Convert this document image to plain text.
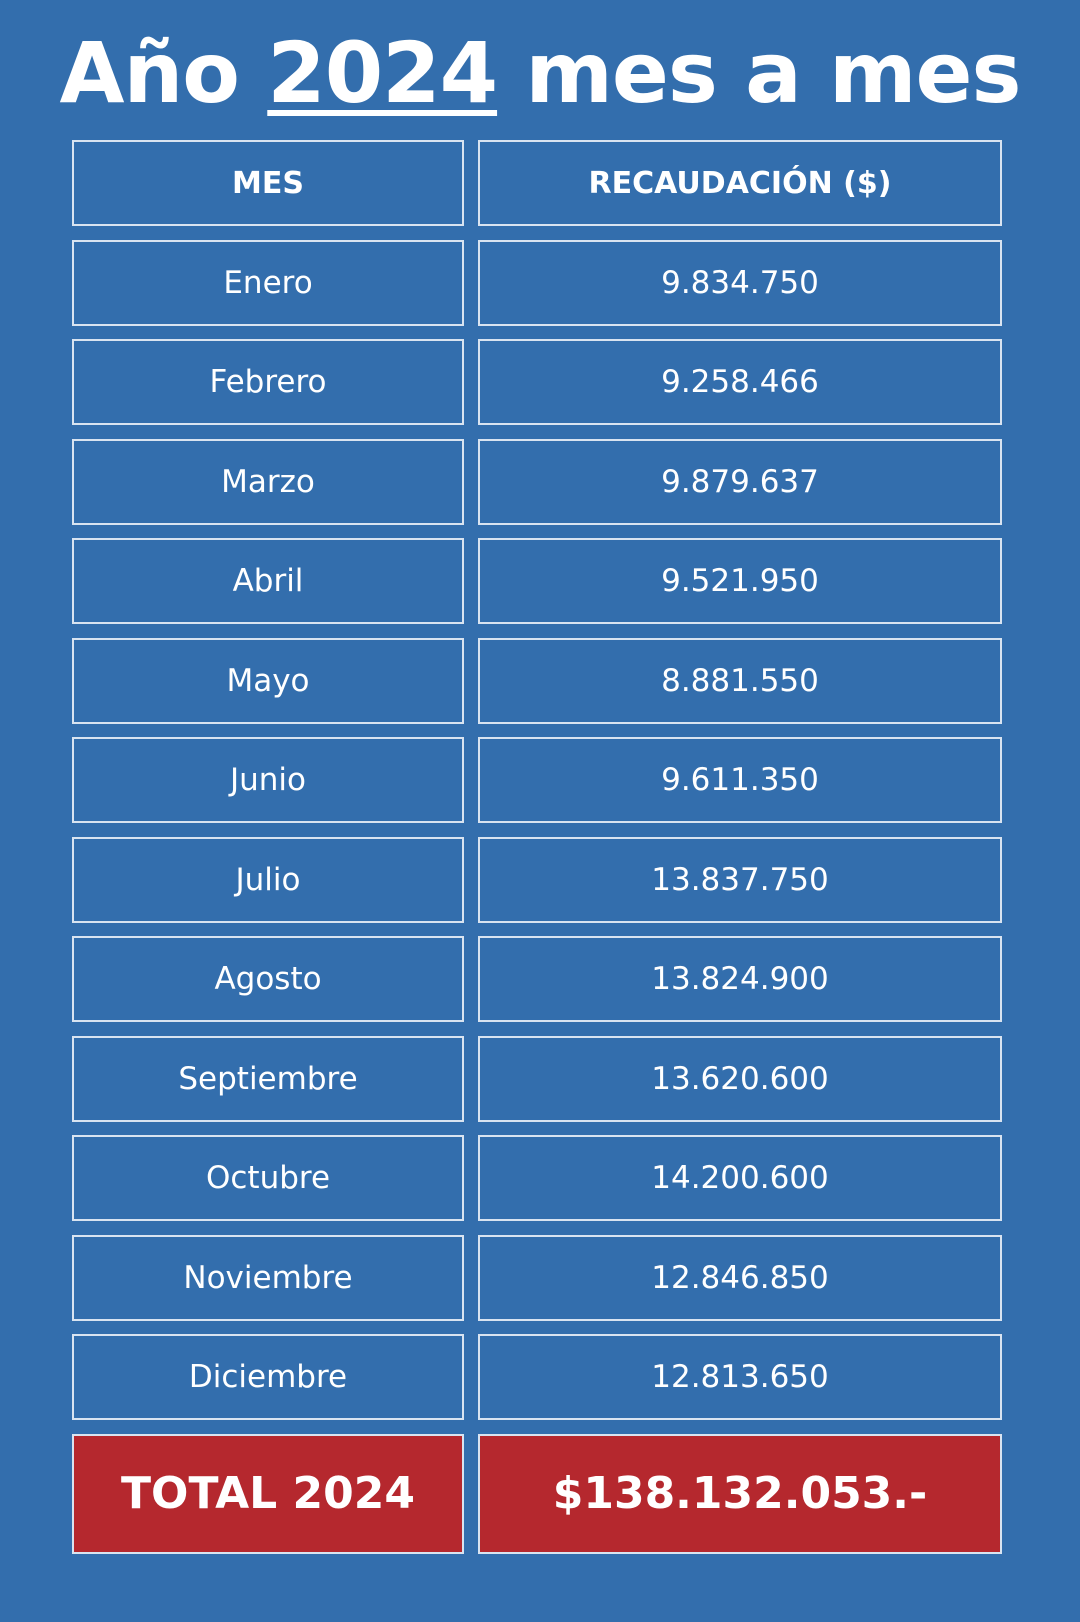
Año 2024 mes a mes
MES	RECAUDACIÓN ($)
Enero	9.834.750
Febrero	9.258.466
Marzo	9.879.637
Abril	9.521.950
Mayo	8.881.550
Junio	9.611.350
Julio	13.837.750
Agosto	13.824.900
Septiembre	13.620.600
Octubre	14.200.600
Noviembre	12.846.850
Diciembre	12.813.650
TOTAL 2024	$138.132.053.-
